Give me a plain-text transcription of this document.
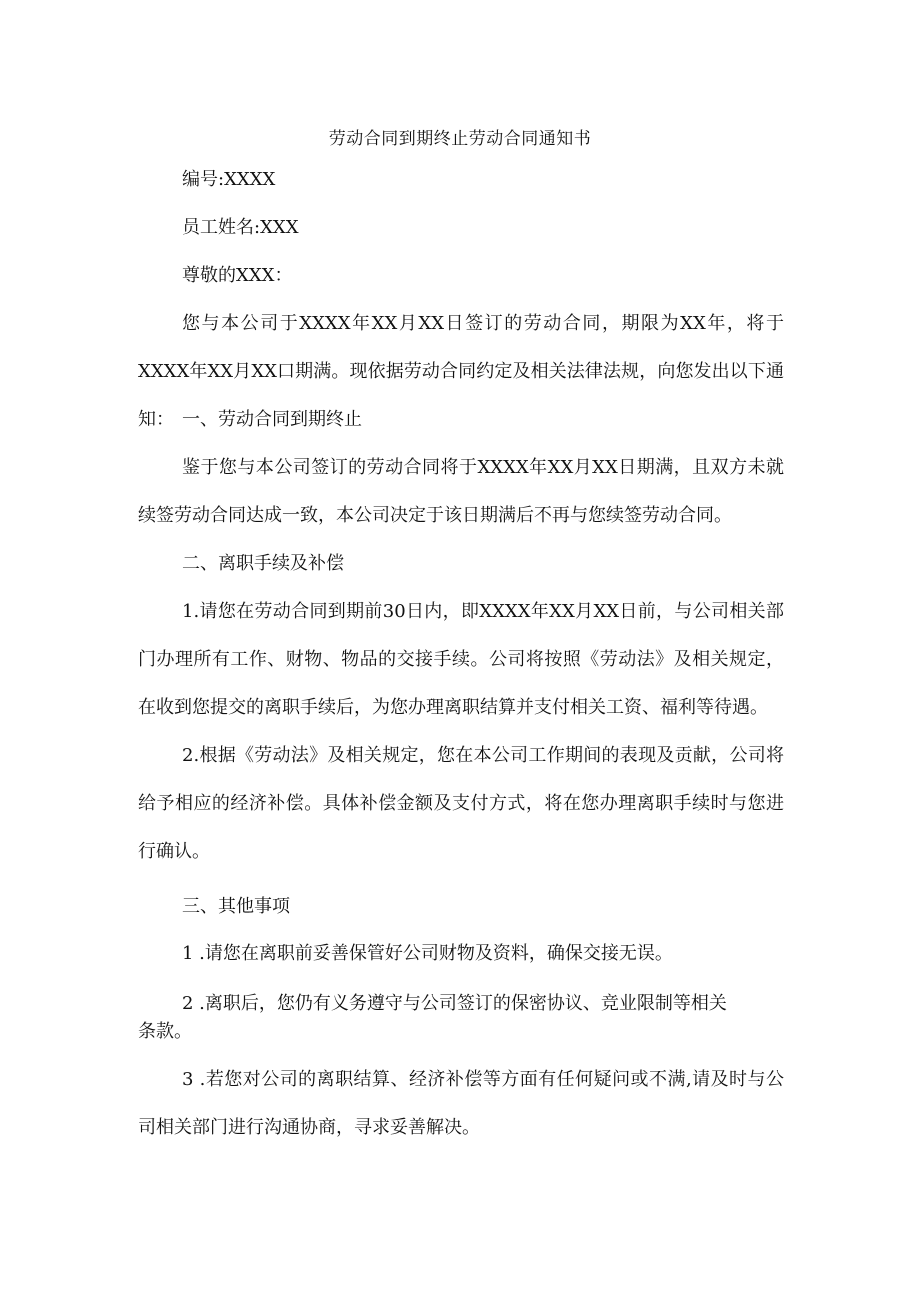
劳动合同到期终止劳动合同通知书
编号:XXXX
员工姓名:XXX
尊敬的XXX：
您与本公司于XXXX年XX月XX日签订的劳动合同，期限为XX年，将于XXXX年XX月XX口期满。现依据劳动合同约定及相关法律法规，向您发出以下通知： 一、劳动合同到期终止
鉴于您与本公司签订的劳动合同将于XXXX年XX月XX日期满，且双方未就续签劳动合同达成一致，本公司决定于该日期满后不再与您续签劳动合同。
二、离职手续及补偿
1.请您在劳动合同到期前30日内，即XXXX年XX月XX日前，与公司相关部门办理所有工作、财物、物品的交接手续。公司将按照《劳动法》及相关规定，在收到您提交的离职手续后，为您办理离职结算并支付相关工资、福利等待遇。
2.根据《劳动法》及相关规定，您在本公司工作期间的表现及贡献，公司将给予相应的经济补偿。具体补偿金额及支付方式，将在您办理离职手续时与您进行确认。
三、其他事项
1 .请您在离职前妥善保管好公司财物及资料，确保交接无误。
2 .离职后，您仍有义务遵守与公司签订的保密协议、竞业限制等相关条款。
3 .若您对公司的离职结算、经济补偿等方面有任何疑问或不满,请及时与公司相关部门进行沟通协商，寻求妥善解决。
